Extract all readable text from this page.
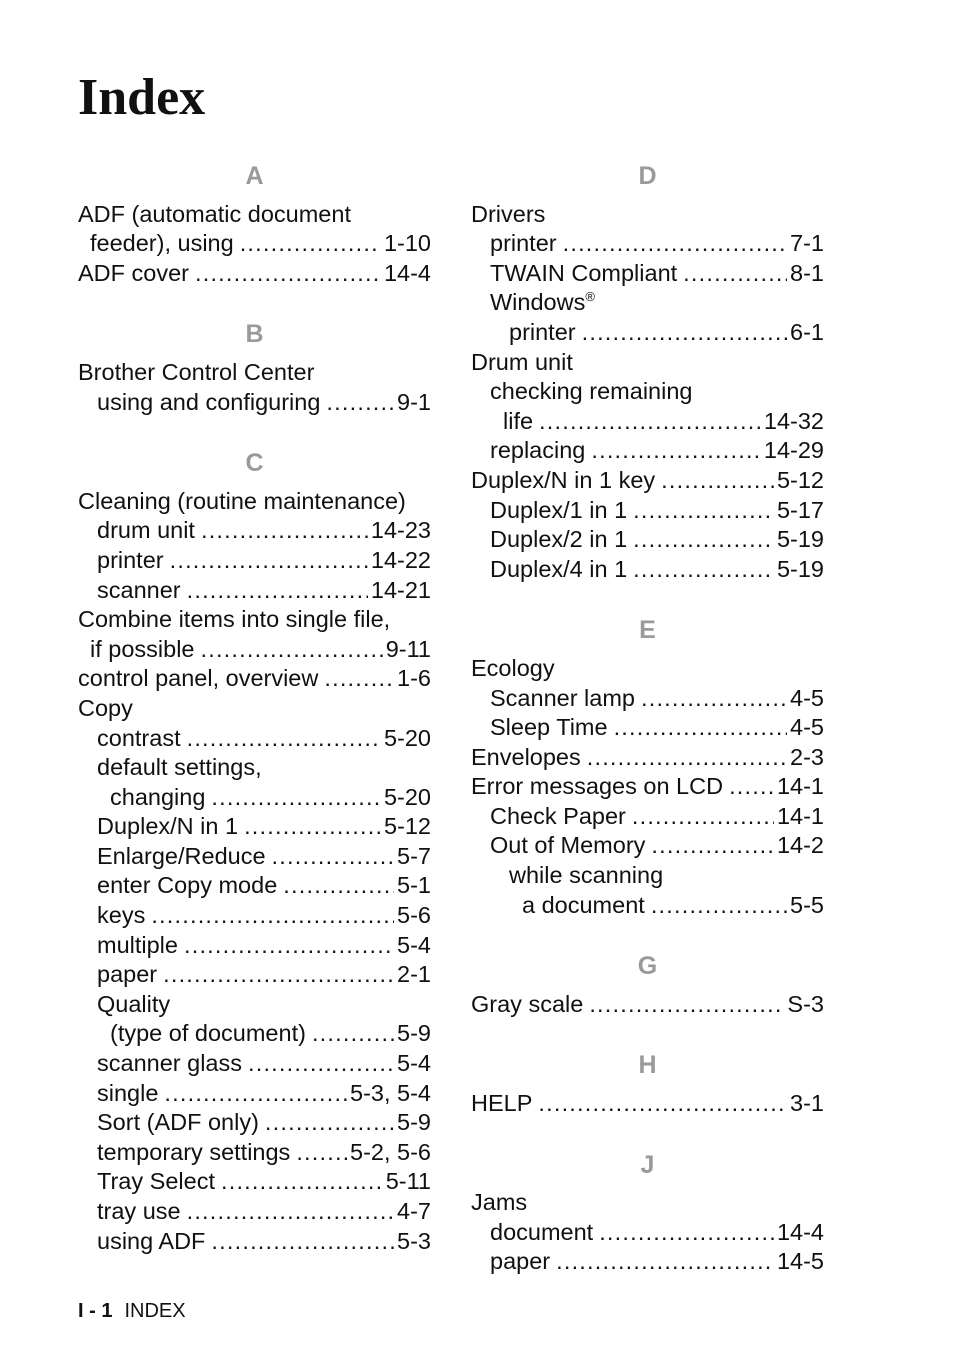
Index
A
ADF (automatic document
feeder), using .....	1-10
ADF cover .....	14-4
B
Brother Control Center
using and configuring .....	9-1
C
Cleaning (routine maintenance)
drum unit .....	14-23
printer .....	14-22
scanner .....	14-21
Combine items into single file,
if possible .....	9-11
control panel, overview .....	1-6
Copy
contrast .....	5-20
default settings,
changing .....	5-20
Duplex/N in 1 .....	5-12
Enlarge/Reduce .....	5-7
enter Copy mode .....	5-1
keys .....	5-6
multiple .....	5-4
paper .....	2-1
Quality
(type of document) .....	5-9
scanner glass .....	5-4
single .....	5-3, 5-4
Sort (ADF only) .....	5-9
temporary settings .....	5-2, 5-6
Tray Select .....	5-11
tray use .....	4-7
using ADF .....	5-3
D
Drivers
printer .....	7-1
TWAIN Compliant .....	8-1
Windows®
printer .....	6-1
Drum unit
checking remaining
life .....	14-32
replacing .....	14-29
Duplex/N in 1 key .....	5-12
Duplex/1 in 1 .....	5-17
Duplex/2 in 1 .....	5-19
Duplex/4 in 1 .....	5-19
E
Ecology
Scanner lamp .....	4-5
Sleep Time .....	4-5
Envelopes .....	2-3
Error messages on LCD ..... 14-1
Check Paper .....	14-1
Out of Memory .....	14-2
while scanning
a document .....	5-5
G
Gray scale .....	S-3
H
HELP .....	3-1
J
Jams
document .....	14-4
paper .....	14-5
I - 1 INDEX
